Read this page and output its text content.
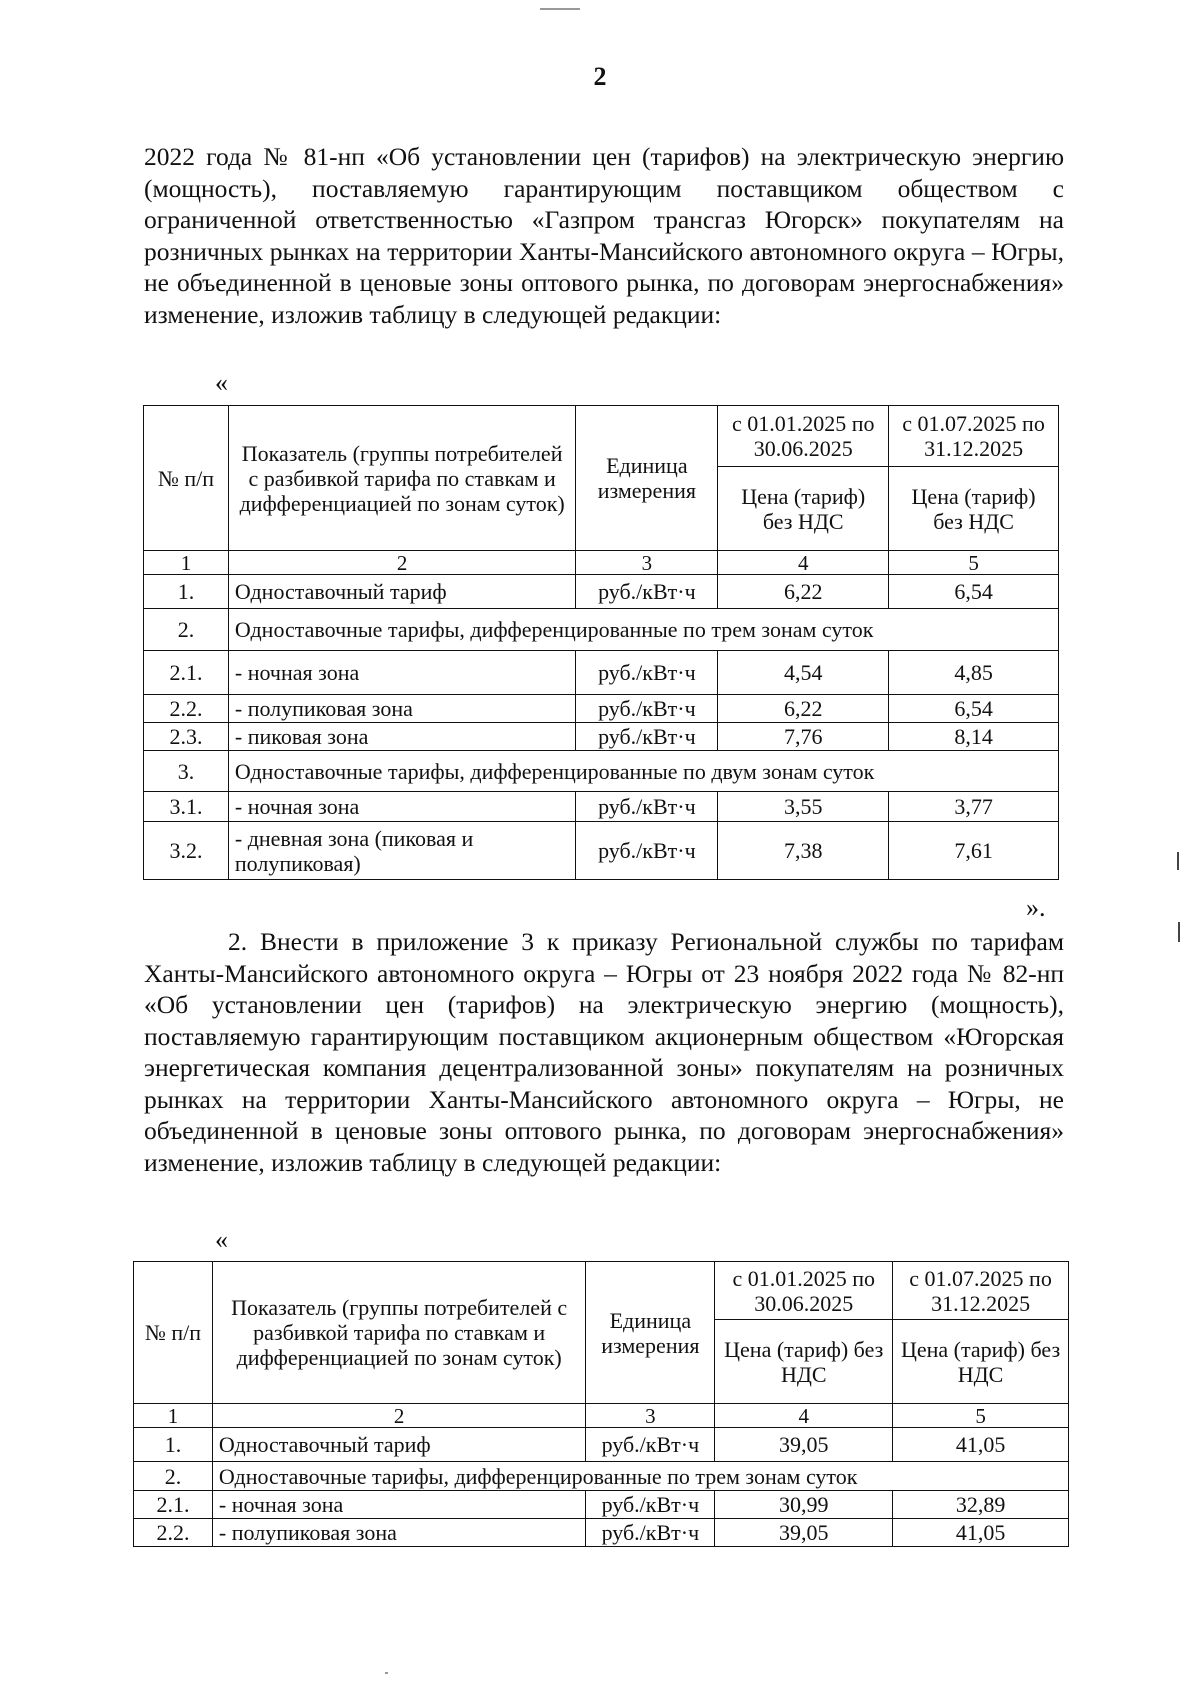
2

2022 года № 81-нп «Об установлении цен (тарифов) на электрическую энергию (мощность), поставляемую гарантирующим поставщиком обществом с ограниченной ответственностью «Газпром трансгаз Югорск» покупателям на розничных рынках на территории Ханты-Мансийского автономного округа – Югры, не объединенной в ценовые зоны оптового рынка, по договорам энергоснабжения» изменение, изложив таблицу в следующей редакции:

«
№ п/п	Показатель (группы потребителей с разбивкой тарифа по ставкам и дифференциацией по зонам суток)	Единица измерения	с 01.01.2025 по 30.06.2025	с 01.07.2025 по 31.12.2025
			Цена (тариф) без НДС	Цена (тариф) без НДС
1	2	3	4	5
1.	Одноставочный тариф	руб./кВт·ч	6,22	6,54
2.	Одноставочные тарифы, дифференцированные по трем зонам суток			
2.1.	- ночная зона	руб./кВт·ч	4,54	4,85
2.2.	- полупиковая зона	руб./кВт·ч	6,22	6,54
2.3.	- пиковая зона	руб./кВт·ч	7,76	8,14
3.	Одноставочные тарифы, дифференцированные по двум зонам суток			
3.1.	- ночная зона	руб./кВт·ч	3,55	3,77
3.2.	- дневная зона (пиковая и полупиковая)	руб./кВт·ч	7,38	7,61
».

2. Внести в приложение 3 к приказу Региональной службы по тарифам Ханты-Мансийского автономного округа – Югры от 23 ноября 2022 года № 82-нп «Об установлении цен (тарифов) на электрическую энергию (мощность), поставляемую гарантирующим поставщиком акционерным обществом «Югорская энергетическая компания децентрализованной зоны» покупателям на розничных рынках на территории Ханты-Мансийского автономного округа – Югры, не объединенной в ценовые зоны оптового рынка, по договорам энергоснабжения» изменение, изложив таблицу в следующей редакции:

«
№ п/п	Показатель (группы потребителей с разбивкой тарифа по ставкам и дифференциацией по зонам суток)	Единица измерения	с 01.01.2025 по 30.06.2025	с 01.07.2025 по 31.12.2025
			Цена (тариф) без НДС	Цена (тариф) без НДС
1	2	3	4	5
1.	Одноставочный тариф	руб./кВт·ч	39,05	41,05
2.	Одноставочные тарифы, дифференцированные по трем зонам суток			
2.1.	- ночная зона	руб./кВт·ч	30,99	32,89
2.2.	- полупиковая зона	руб./кВт·ч	39,05	41,05
